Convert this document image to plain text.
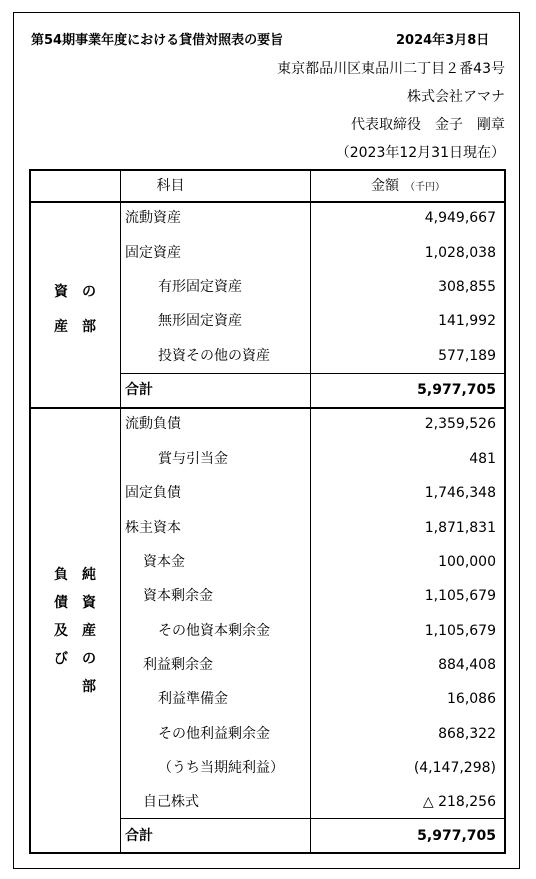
第54期事業年度における貸借対照表の要旨	2024年3月8日
東京都品川区東品川二丁目２番43号
株式会社アマナ
代表取締役　金子　剛章
（2023年12月31日現在）
科目	金額 （千円）
資 の
産 部
流動資産	4,949,667
固定資産	1,028,038
有形固定資産	308,855
無形固定資産	141,992
投資その他の資産	577,189
合計	5,977,705
負 純
債 資
及 産
び の
部
流動負債	2,359,526
賞与引当金	481
固定負債	1,746,348
株主資本	1,871,831
資本金	100,000
資本剰余金	1,105,679
その他資本剰余金	1,105,679
利益剰余金	884,408
利益準備金	16,086
その他利益剰余金	868,322
（うち当期純利益）	(4,147,298)
自己株式	△ 218,256
合計	5,977,705
